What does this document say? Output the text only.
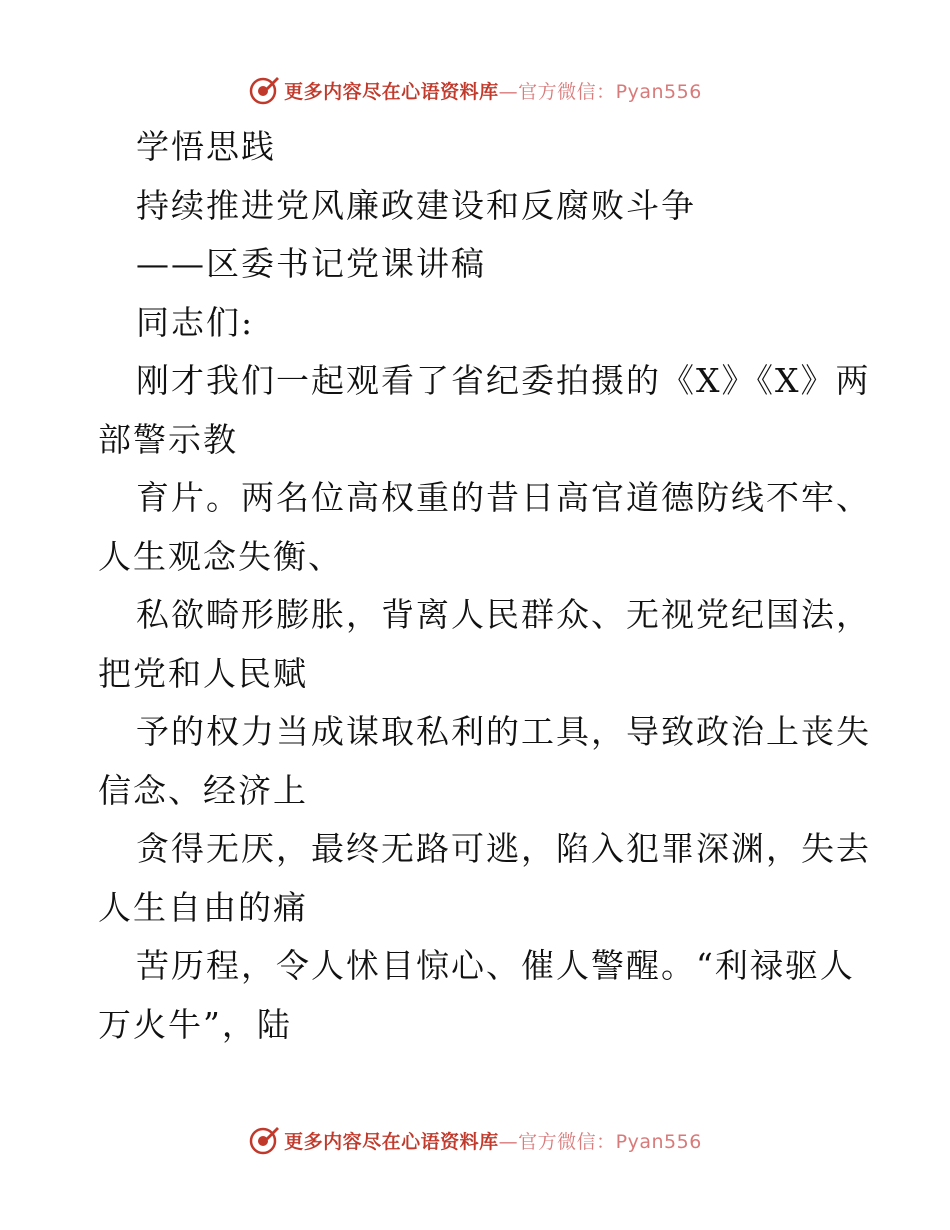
更多内容尽在心语资料库—官方微信：Pyan556
学悟思践
持续推进党风廉政建设和反腐败斗争
——区委书记党课讲稿
同志们:
刚才我们一起观看了省纪委拍摄的《X》《X》两
部警示教
育片。两名位高权重的昔日高官道德防线不牢、
人生观念失衡、
私欲畸形膨胀，背离人民群众、无视党纪国法，
把党和人民赋
予的权力当成谋取私利的工具，导致政治上丧失
信念、经济上
贪得无厌，最终无路可逃，陷入犯罪深渊，失去
人生自由的痛
苦历程，令人怵目惊心、催人警醒。“利禄驱人
万火牛”，陆
更多内容尽在心语资料库—官方微信：Pyan556
